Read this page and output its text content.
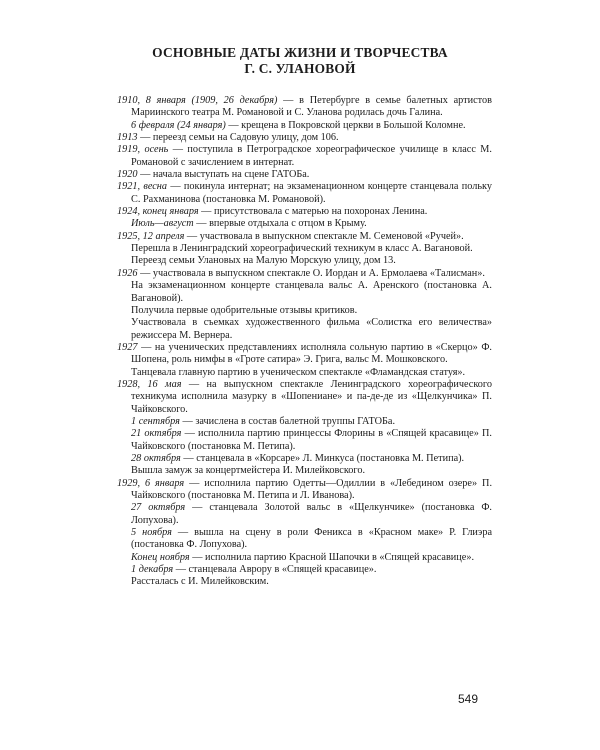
ОСНОВНЫЕ ДАТЫ ЖИЗНИ И ТВОРЧЕСТВА
Г. С. УЛАНОВОЙ

1910, 8 января (1909, 26 декабря) — в Петербурге в семье балетных артистов Мариинского театра М. Романовой и С. Уланова родилась дочь Галина.

6 февраля (24 января) — крещена в Покровской церкви в Большой Коломне.

1913 — переезд семьи на Садовую улицу, дом 106.

1919, осень — поступила в Петроградское хореографическое училище в класс М. Романовой с зачислением в интернат.

1920 — начала выступать на сцене ГАТОБа.

1921, весна — покинула интернат; на экзаменационном концерте станцевала польку С. Рахманинова (постановка М. Романовой).

1924, конец января — присутствовала с матерью на похоронах Ленина.

Июль—август — впервые отдыхала с отцом в Крыму.

1925, 12 апреля — участвовала в выпускном спектакле М. Семеновой «Ручей».

Перешла в Ленинградский хореографический техникум в класс А. Вагановой.

Переезд семьи Улановых на Малую Морскую улицу, дом 13.

1926 — участвовала в выпускном спектакле О. Иордан и А. Ермолаева «Талисман».

На экзаменационном концерте станцевала вальс А. Аренского (постановка А. Вагановой).

Получила первые одобрительные отзывы критиков.

Участвовала в съемках художественного фильма «Солистка его величества» режиссера М. Вернера.

1927 — на ученических представлениях исполняла сольную партию в «Скерцо» Ф. Шопена, роль нимфы в «Гроте сатира» Э. Грига, вальс М. Мошковского.

Танцевала главную партию в ученическом спектакле «Фламандская статуя».

1928, 16 мая — на выпускном спектакле Ленинградского хореографического техникума исполнила мазурку в «Шопениане» и па-де-де из «Щелкунчика» П. Чайковского.

1 сентября — зачислена в состав балетной труппы ГАТОБа.

21 октября — исполнила партию принцессы Флорины в «Спящей красавице» П. Чайковского (постановка М. Петипа).

28 октября — станцевала в «Корсаре» Л. Минкуса (постановка М. Петипа).

Вышла замуж за концертмейстера И. Милейковского.

1929, 6 января — исполнила партию Одетты—Одиллии в «Лебедином озере» П. Чайковского (постановка М. Петипа и Л. Иванова).

27 октября — станцевала Золотой вальс в «Щелкунчике» (постановка Ф. Лопухова).

5 ноября — вышла на сцену в роли Феникса в «Красном маке» Р. Глиэра (постановка Ф. Лопухова).

Конец ноября — исполнила партию Красной Шапочки в «Спящей красавице».

1 декабря — станцевала Аврору в «Спящей красавице».

Рассталась с И. Милейковским.

549
